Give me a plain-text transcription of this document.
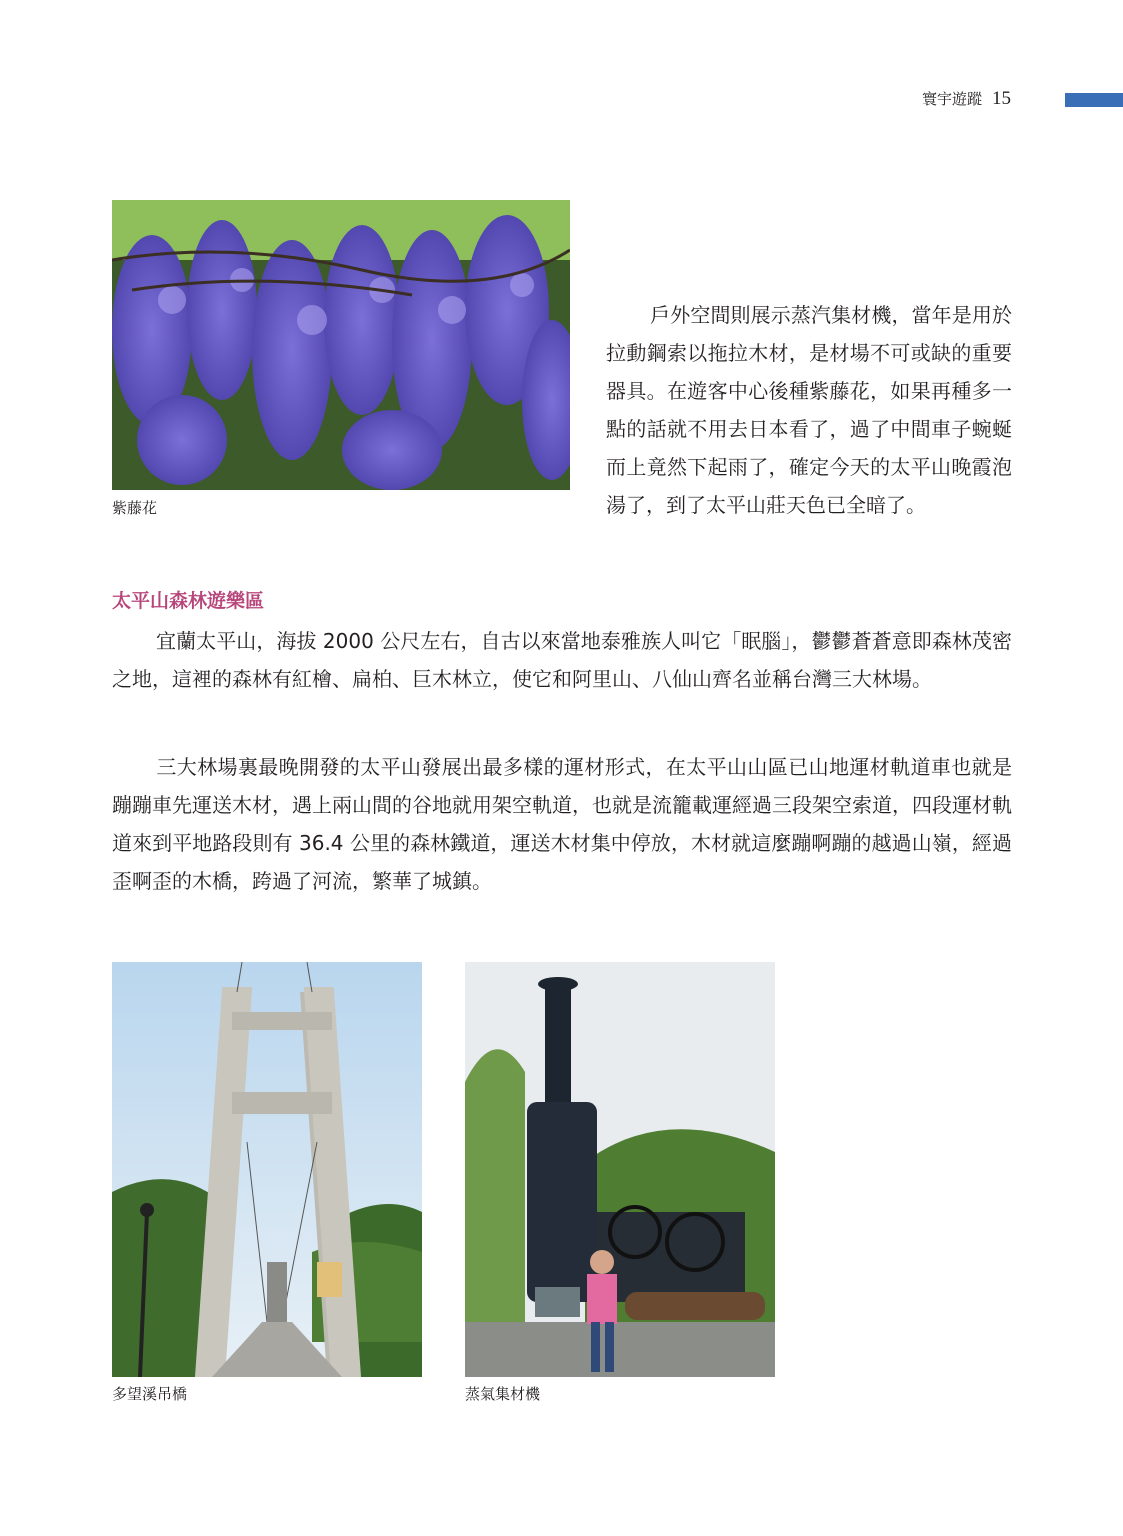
寰宇遊蹤 15
紫藤花

戶外空間則展示蒸汽集材機，當年是用於拉動鋼索以拖拉木材，是材場不可或缺的重要器具。在遊客中心後種紫藤花，如果再種多一點的話就不用去日本看了，過了中間車子蜿蜒而上竟然下起雨了，確定今天的太平山晚霞泡湯了，到了太平山莊天色已全暗了。

太平山森林遊樂區

宜蘭太平山，海拔 2000 公尺左右，自古以來當地泰雅族人叫它「眠腦」，鬱鬱蒼蒼意即森林茂密之地，這裡的森林有紅檜、扁柏、巨木林立，使它和阿里山、八仙山齊名並稱台灣三大林場。

三大林場裏最晚開發的太平山發展出最多樣的運材形式，在太平山山區已山地運材軌道車也就是蹦蹦車先運送木材，遇上兩山間的谷地就用架空軌道，也就是流籠載運經過三段架空索道，四段運材軌道來到平地路段則有 36.4 公里的森林鐵道，運送木材集中停放，木材就這麼蹦啊蹦的越過山嶺，經過歪啊歪的木橋，跨過了河流，繁華了城鎮。

多望溪吊橋	蒸氣集材機
